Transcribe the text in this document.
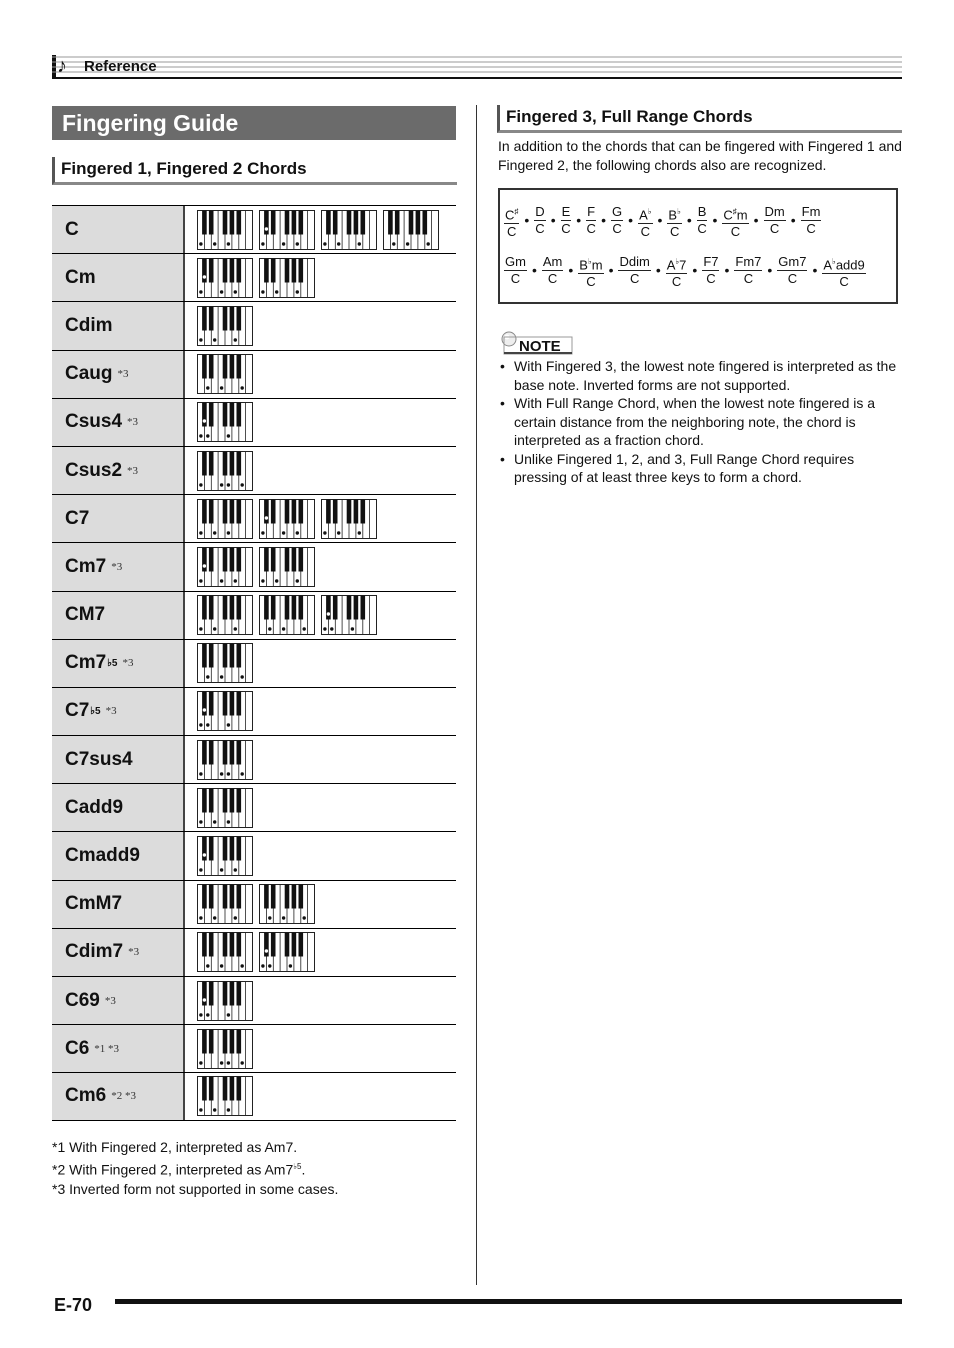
♪ Reference
Fingering Guide
Fingered 1, Fingered 2 Chords
C
Cm
Cdim
Caug *3
Csus4 *3
Csus2 *3
C7
Cm7 *3
CM7
Cm7 ♭5 *3
C7 ♭5 *3
C7sus4
Cadd9
Cmadd9
CmM7
Cdim7 *3
C69 *3
C6 *1 *3
Cm6 *2 *3
*1 With Fingered 2, interpreted as Am7.
*2 With Fingered 2, interpreted as $Am7^{♭5}$.
*3 Inverted form not supported in some cases.
Fingered 3, Full Range Chords
In addition to the chords that can be fingered with Fingered 1 and Fingered 2, the following chords also are recognized.
$\frac{C^♯}{C}$ • $\frac{D}{C}$ • $\frac{E}{C}$ • $\frac{F}{C}$ • $\frac{G}{C}$ • $\frac{A^♭}{C}$ • $\frac{B^♭}{C}$ • $\frac{B}{C}$ • $\frac{C^♯m}{C}$ • $\frac{Dm}{C}$ • $\frac{Fm}{C}$
$\frac{Gm}{C}$ • $\frac{Am}{C}$ • $\frac{B^♭m}{C}$ • $\frac{\text{Ddim}}{C}$ • $\frac{A^♭7}{C}$ • $\frac{F7}{C}$ • $\frac{Fm7}{C}$ • $\frac{Gm7}{C}$ • $\frac{A^♭add9}{C}$
NOTE
• With Fingered 3, the lowest note fingered is interpreted as the base note. Inverted forms are not supported.
• With Full Range Chord, when the lowest note fingered is a certain distance from the neighboring note, the chord is interpreted as a fraction chord.
• Unlike Fingered 1, 2, and 3, Full Range Chord requires pressing of at least three keys to form a chord.
E-70
